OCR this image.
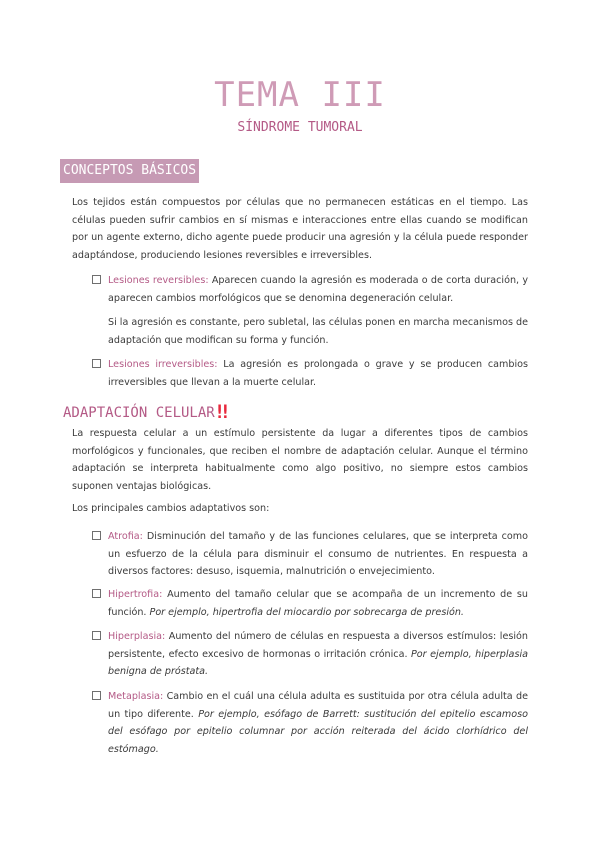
TEMA III
SÍNDROME TUMORAL
CONCEPTOS BÁSICOS

Los tejidos están compuestos por células que no permanecen estáticas en el tiempo. Las células pueden sufrir cambios en sí mismas e interacciones entre ellas cuando se modifican por un agente externo, dicho agente puede producir una agresión y la célula puede responder adaptándose, produciendo lesiones reversibles e irreversibles.

Lesiones reversibles: Aparecen cuando la agresión es moderada o de corta duración, y aparecen cambios morfológicos que se denomina degeneración celular.
Si la agresión es constante, pero subletal, las células ponen en marcha mecanismos de adaptación que modifican su forma y función.
Lesiones irreversibles: La agresión es prolongada o grave y se producen cambios irreversibles que llevan a la muerte celular.
ADAPTACIÓN CELULAR ‼

La respuesta celular a un estímulo persistente da lugar a diferentes tipos de cambios morfológicos y funcionales, que reciben el nombre de adaptación celular. Aunque el término adaptación se interpreta habitualmente como algo positivo, no siempre estos cambios suponen ventajas biológicas.

Los principales cambios adaptativos son:

Atrofia: Disminución del tamaño y de las funciones celulares, que se interpreta como un esfuerzo de la célula para disminuir el consumo de nutrientes. En respuesta a diversos factores: desuso, isquemia, malnutrición o envejecimiento.
Hipertrofia: Aumento del tamaño celular que se acompaña de un incremento de su función. Por ejemplo, hipertrofia del miocardio por sobrecarga de presión.
Hiperplasia: Aumento del número de células en respuesta a diversos estímulos: lesión persistente, efecto excesivo de hormonas o irritación crónica. Por ejemplo, hiperplasia benigna de próstata.
Metaplasia: Cambio en el cuál una célula adulta es sustituida por otra célula adulta de un tipo diferente. Por ejemplo, esófago de Barrett: sustitución del epitelio escamoso del esófago por epitelio columnar por acción reiterada del ácido clorhídrico del estómago.
